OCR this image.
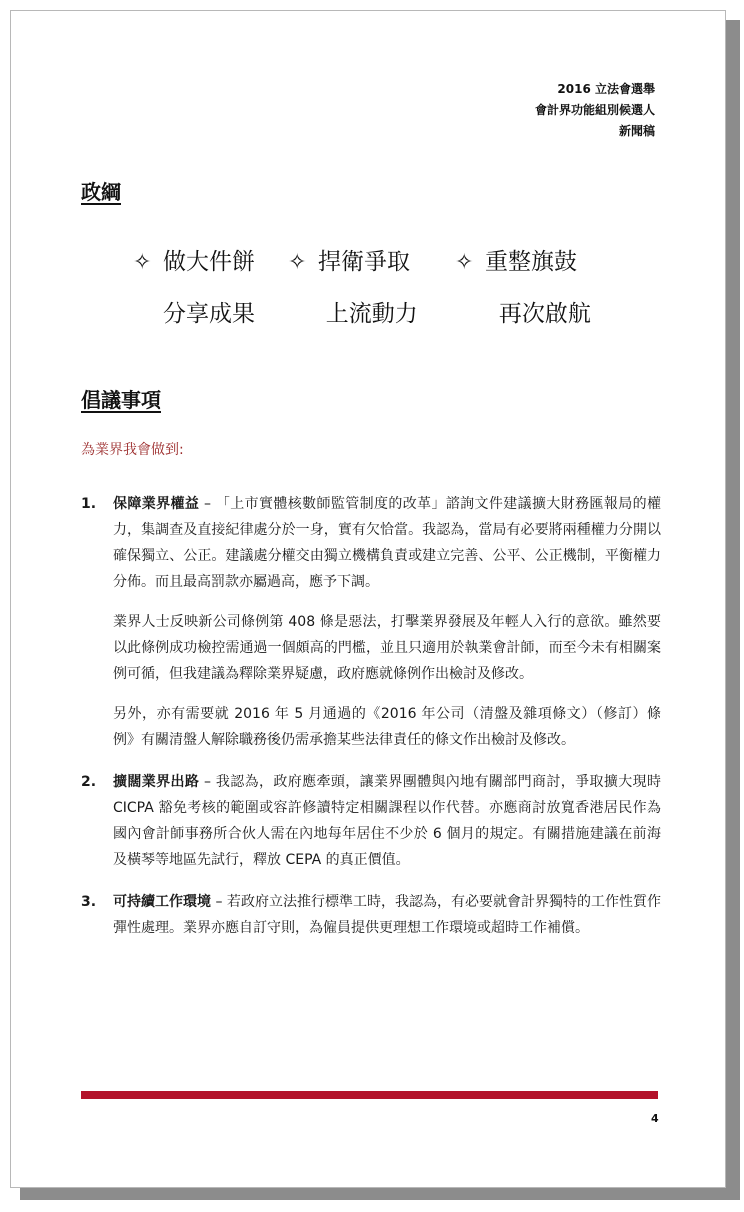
2016 立法會選舉
會計界功能組別候選人
新聞稿
政綱
✧ 做大件餅	✧ 捍衛爭取	✧ 重整旗鼓
分享成果	上流動力	再次啟航
倡議事項
為業界我會做到:
1. 保障業界權益 – 「上市實體核數師監管制度的改革」諮詢文件建議擴大財務匯報局的權力，集調查及直接紀律處分於一身，實有欠恰當。我認為，當局有必要將兩種權力分開以確保獨立、公正。建議處分權交由獨立機構負責或建立完善、公平、公正機制，平衡權力分佈。而且最高罰款亦屬過高，應予下調。

業界人士反映新公司條例第 408 條是惡法，打擊業界發展及年輕人入行的意欲。雖然要以此條例成功檢控需通過一個頗高的門檻，並且只適用於執業會計師，而至今未有相關案例可循，但我建議為釋除業界疑慮，政府應就條例作出檢討及修改。

另外，亦有需要就 2016 年 5 月通過的《2016 年公司（清盤及雜項條文）（修訂）條例》有關清盤人解除職務後仍需承擔某些法律責任的條文作出檢討及修改。

2. 擴闊業界出路 – 我認為，政府應牽頭，讓業界團體與內地有關部門商討，爭取擴大現時 CICPA 豁免考核的範圍或容許修讀特定相關課程以作代替。亦應商討放寬香港居民作為國內會計師事務所合伙人需在內地每年居住不少於 6 個月的規定。有關措施建議在前海及橫琴等地區先試行，釋放 CEPA 的真正價值。

3. 可持續工作環境 – 若政府立法推行標準工時，我認為，有必要就會計界獨特的工作性質作彈性處理。業界亦應自訂守則，為僱員提供更理想工作環境或超時工作補償。

4
